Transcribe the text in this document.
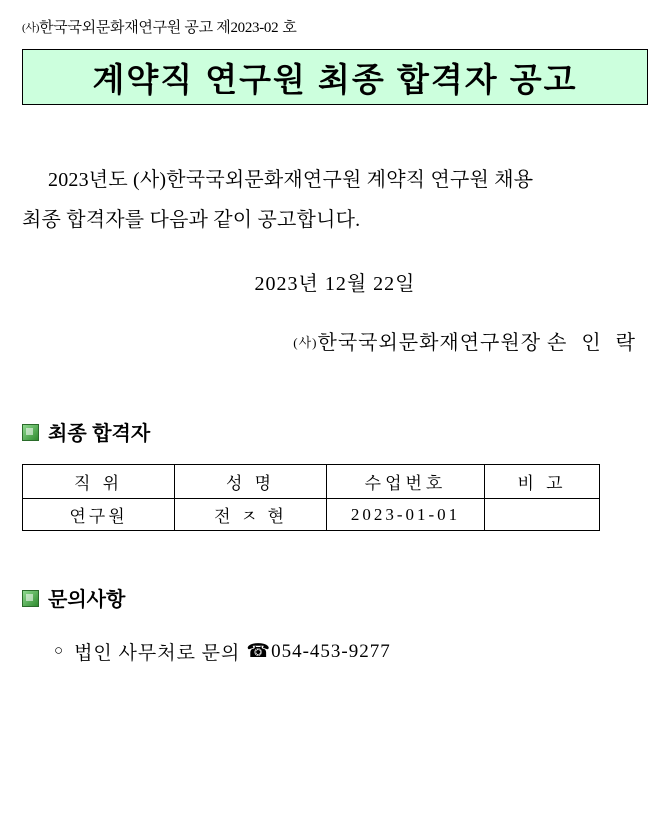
(사)한국국외문화재연구원 공고 제2023-02 호
계약직 연구원 최종 합격자 공고
2023년도 (사)한국국외문화재연구원 계약직 연구원 채용
최종 합격자를 다음과 같이 공고합니다.
2023년 12월 22일
(사)한국국외문화재연구원장 손 인 락
최종 합격자
직 위	성 명	수업번호	비 고
연구원	전 ㅈ 현	2023-01-01	
문의사항
○ 법인 사무처로 문의 ☎ 054-453-9277
